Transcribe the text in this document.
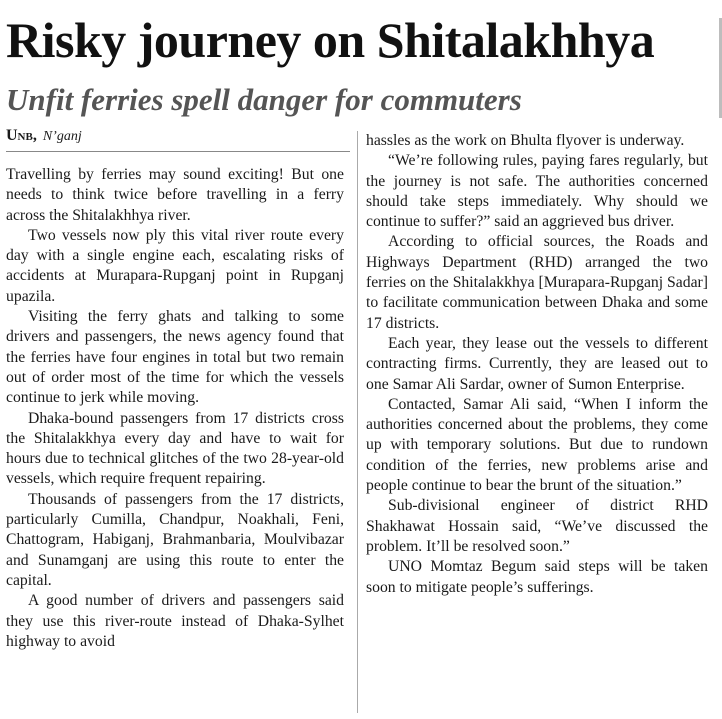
Risky journey on Shitalakhhya
Unfit ferries spell danger for commuters
Unb, N’ganj

Travelling by ferries may sound exciting! But one needs to think twice before travelling in a ferry across the Shitalakhhya river.

Two vessels now ply this vital river route every day with a single engine each, escalating risks of accidents at Murapara-Rupganj point in Rupganj upazila.

Visiting the ferry ghats and talking to some drivers and passengers, the news agency found that the ferries have four engines in total but two remain out of order most of the time for which the vessels continue to jerk while moving.

Dhaka-bound passengers from 17 districts cross the Shitalakkhya every day and have to wait for hours due to technical glitches of the two 28-year-old vessels, which require frequent repairing.

Thousands of passengers from the 17 districts, particularly Cumilla, Chandpur, Noakhali, Feni, Chattogram, Habiganj, Brahmanbaria, Moulvibazar and Sunamganj are using this route to enter the capital.

A good number of drivers and passengers said they use this river-route instead of Dhaka-Sylhet highway to avoid

hassles as the work on Bhulta flyover is underway.

“We’re following rules, paying fares regularly, but the journey is not safe. The authorities concerned should take steps immediately. Why should we continue to suffer?” said an aggrieved bus driver.

According to official sources, the Roads and Highways Department (RHD) arranged the two ferries on the Shitalakkhya [Murapara-Rupganj Sadar] to facilitate communication between Dhaka and some 17 districts.

Each year, they lease out the vessels to different contracting firms. Currently, they are leased out to one Samar Ali Sardar, owner of Sumon Enterprise.

Contacted, Samar Ali said, “When I inform the authorities concerned about the problems, they come up with temporary solutions. But due to rundown condition of the ferries, new problems arise and people continue to bear the brunt of the situation.”

Sub-divisional engineer of district RHD Shakhawat Hossain said, “We’ve discussed the problem. It’ll be resolved soon.”

UNO Momtaz Begum said steps will be taken soon to mitigate people’s sufferings.
